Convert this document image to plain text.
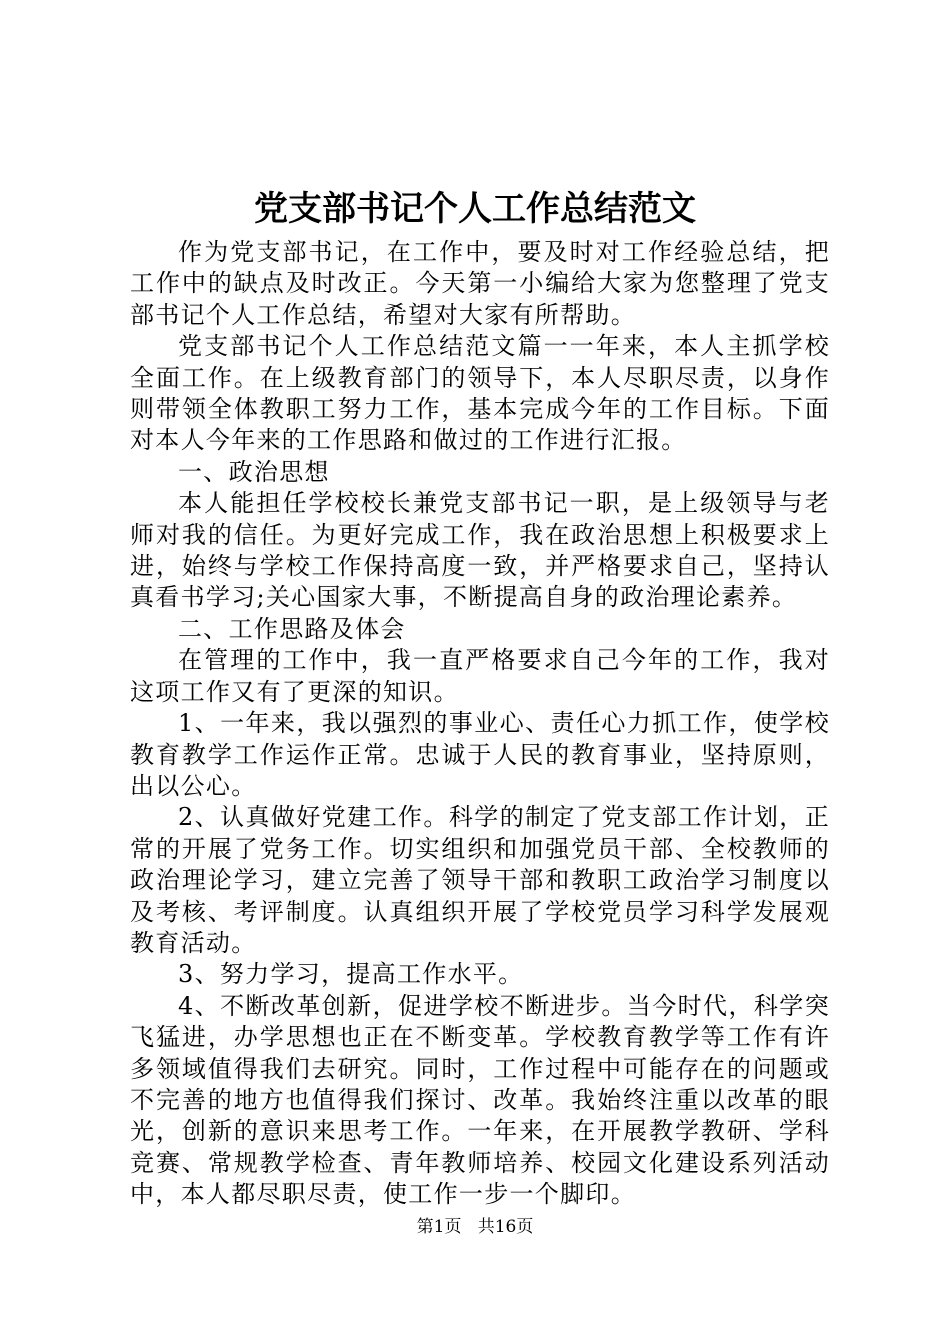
党支部书记个人工作总结范文

作为党支部书记，在工作中，要及时对工作经验总结，把工作中的缺点及时改正。今天第一小编给大家为您整理了党支部书记个人工作总结，希望对大家有所帮助。

党支部书记个人工作总结范文篇一一年来，本人主抓学校全面工作。在上级教育部门的领导下，本人尽职尽责，以身作则带领全体教职工努力工作，基本完成今年的工作目标。下面对本人今年来的工作思路和做过的工作进行汇报。

一、政治思想

本人能担任学校校长兼党支部书记一职，是上级领导与老师对我的信任。为更好完成工作，我在政治思想上积极要求上进，始终与学校工作保持高度一致，并严格要求自己，坚持认真看书学习;关心国家大事，不断提高自身的政治理论素养。

二、工作思路及体会

在管理的工作中，我一直严格要求自己今年的工作，我对这项工作又有了更深的知识。

1、一年来，我以强烈的事业心、责任心力抓工作，使学校教育教学工作运作正常。忠诚于人民的教育事业，坚持原则，出以公心。

2、认真做好党建工作。科学的制定了党支部工作计划，正常的开展了党务工作。切实组织和加强党员干部、全校教师的政治理论学习，建立完善了领导干部和教职工政治学习制度以及考核、考评制度。认真组织开展了学校党员学习科学发展观教育活动。

3、努力学习，提高工作水平。

4、不断改革创新，促进学校不断进步。当今时代，科学突飞猛进，办学思想也正在不断变革。学校教育教学等工作有许多领域值得我们去研究。同时，工作过程中可能存在的问题或不完善的地方也值得我们探讨、改革。我始终注重以改革的眼光，创新的意识来思考工作。一年来，在开展教学教研、学科竞赛、常规教学检查、青年教师培养、校园文化建设系列活动中，本人都尽职尽责，使工作一步一个脚印。

第1页 共16页
